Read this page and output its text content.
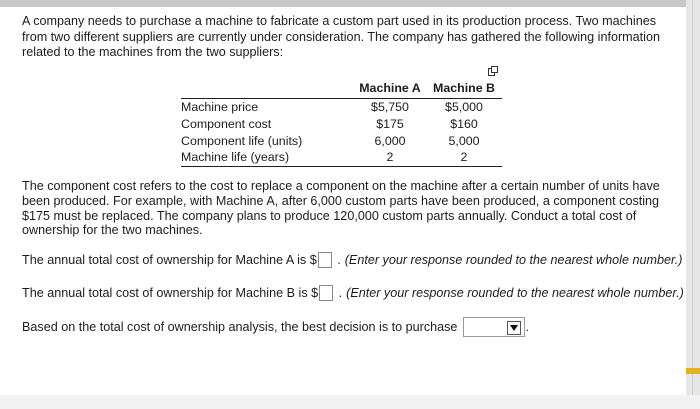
A company needs to purchase a machine to fabricate a custom part used in its production process. Two machines from two different suppliers are currently under consideration. The company has gathered the following information related to the machines from the two suppliers:

	Machine A	Machine B
Machine price	$5,750	$5,000
Component cost	$175	$160
Component life (units)	6,000	5,000
Machine life (years)	2	2

The component cost refers to the cost to replace a component on the machine after a certain number of units have been produced. For example, with Machine A, after 6,000 custom parts have been produced, a component costing $175 must be replaced. The company plans to produce 120,000 custom parts annually. Conduct a total cost of ownership for the two machines.

The annual total cost of ownership for Machine A is $ . (Enter your response rounded to the nearest whole number.)
The annual total cost of ownership for Machine B is $ . (Enter your response rounded to the nearest whole number.)
Based on the total cost of ownership analysis, the best decision is to purchase	.
